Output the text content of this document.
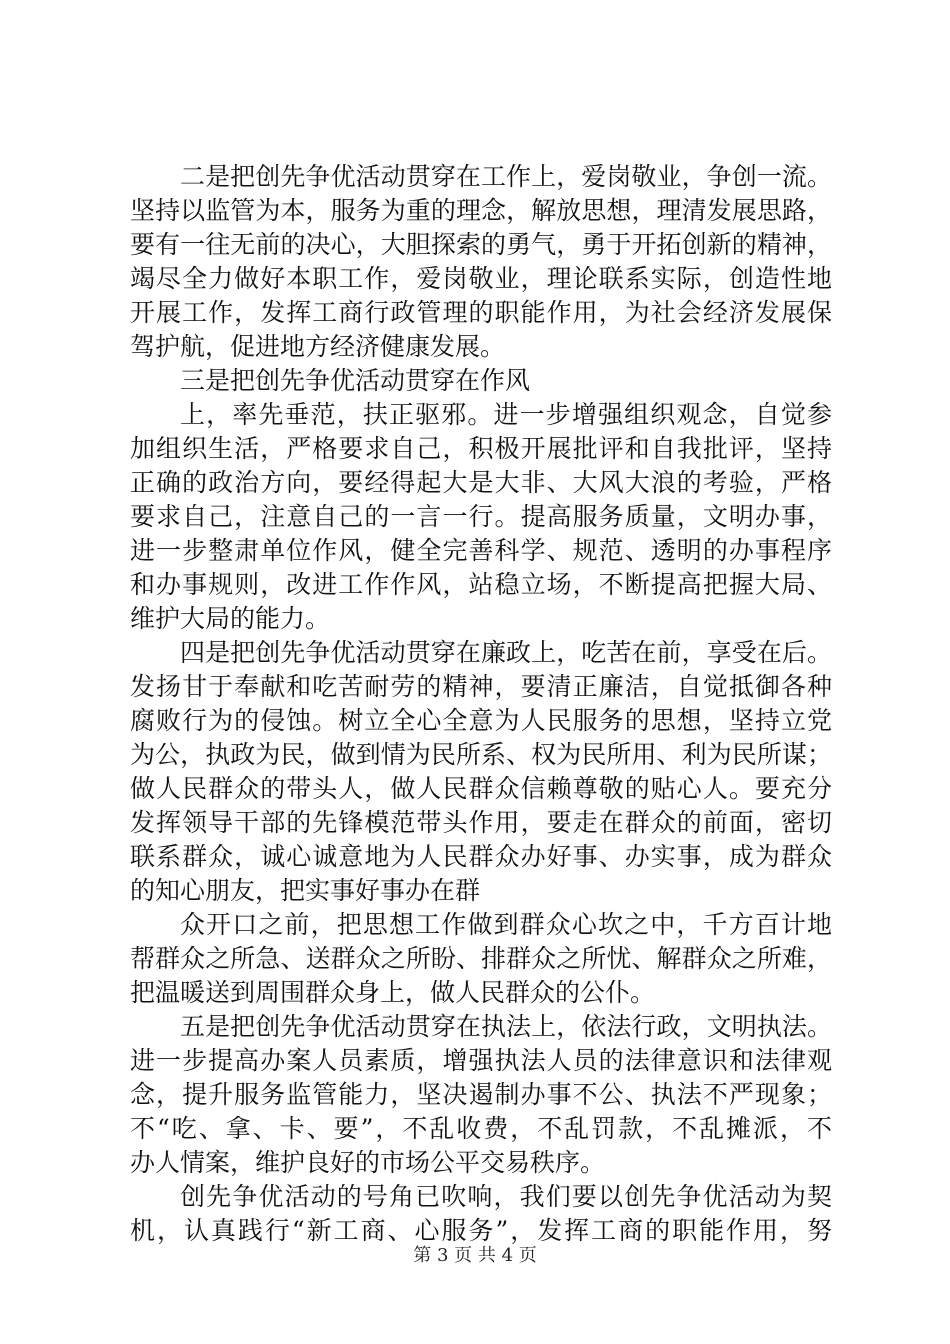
二是把创先争优活动贯穿在工作上，爱岗敬业，争创一流。
坚持以监管为本，服务为重的理念，解放思想，理清发展思路，
要有一往无前的决心，大胆探索的勇气，勇于开拓创新的精神，
竭尽全力做好本职工作，爱岗敬业，理论联系实际，创造性地
开展工作，发挥工商行政管理的职能作用，为社会经济发展保
驾护航，促进地方经济健康发展。
三是把创先争优活动贯穿在作风
上，率先垂范，扶正驱邪。进一步增强组织观念，自觉参
加组织生活，严格要求自己，积极开展批评和自我批评，坚持
正确的政治方向，要经得起大是大非、大风大浪的考验，严格
要求自己，注意自己的一言一行。提高服务质量，文明办事，
进一步整肃单位作风，健全完善科学、规范、透明的办事程序
和办事规则，改进工作作风，站稳立场，不断提高把握大局、
维护大局的能力。
四是把创先争优活动贯穿在廉政上，吃苦在前，享受在后。
发扬甘于奉献和吃苦耐劳的精神，要清正廉洁，自觉抵御各种
腐败行为的侵蚀。树立全心全意为人民服务的思想，坚持立党
为公，执政为民，做到情为民所系、权为民所用、利为民所谋；
做人民群众的带头人，做人民群众信赖尊敬的贴心人。要充分
发挥领导干部的先锋模范带头作用，要走在群众的前面，密切
联系群众，诚心诚意地为人民群众办好事、办实事，成为群众
的知心朋友，把实事好事办在群
众开口之前，把思想工作做到群众心坎之中，千方百计地
帮群众之所急、送群众之所盼、排群众之所忧、解群众之所难，
把温暖送到周围群众身上，做人民群众的公仆。
五是把创先争优活动贯穿在执法上，依法行政，文明执法。
进一步提高办案人员素质，增强执法人员的法律意识和法律观
念，提升服务监管能力，坚决遏制办事不公、执法不严现象；
不“吃、拿、卡、要”，不乱收费，不乱罚款，不乱摊派，不
办人情案，维护良好的市场公平交易秩序。
创先争优活动的号角已吹响，我们要以创先争优活动为契
机，认真践行“新工商、心服务”，发挥工商的职能作用，努
第 3 页 共 4 页
